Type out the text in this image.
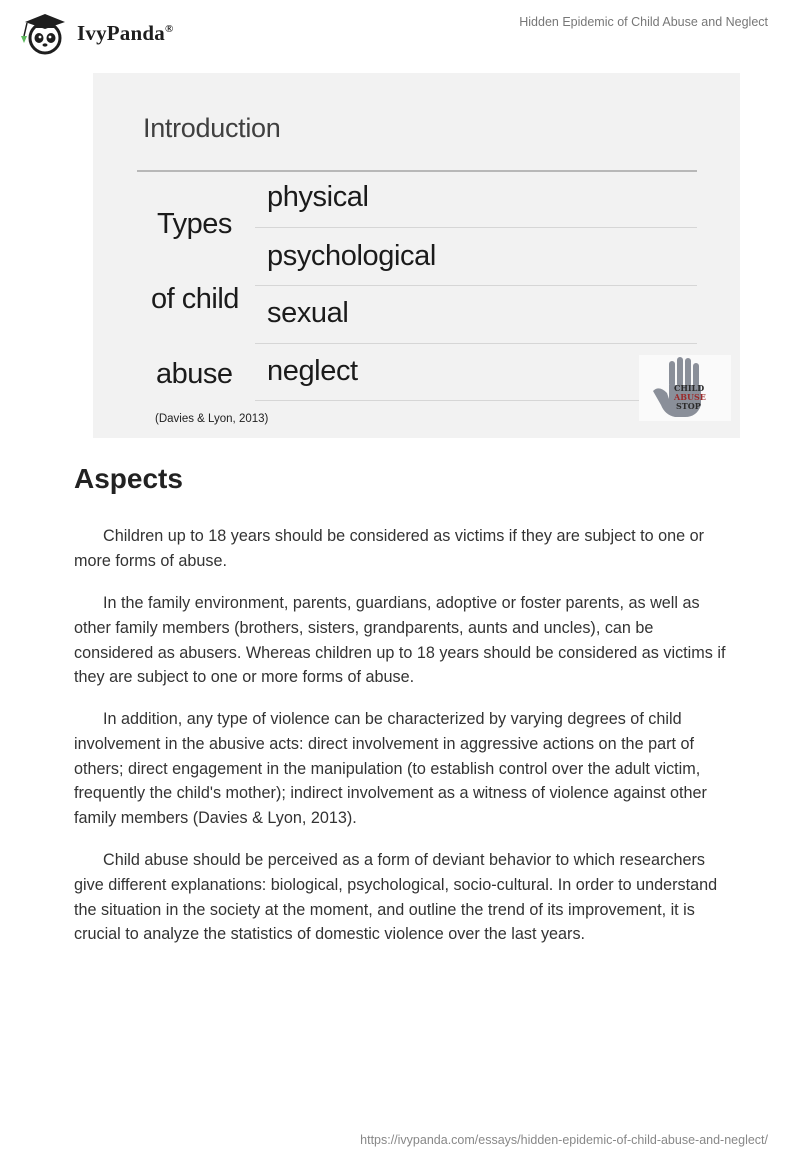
IvyPanda®	Hidden Epidemic of Child Abuse and Neglect
Introduction
Types
of child
abuse
physical
psychological
sexual
neglect
(Davies & Lyon, 2013)
CHILD
ABUSE
STOP
Aspects

Children up to 18 years should be considered as victims if they are subject to one or more forms of abuse.

In the family environment, parents, guardians, adoptive or foster parents, as well as other family members (brothers, sisters, grandparents, aunts and uncles), can be considered as abusers. Whereas children up to 18 years should be considered as victims if they are subject to one or more forms of abuse.

In addition, any type of violence can be characterized by varying degrees of child involvement in the abusive acts: direct involvement in aggressive actions on the part of others; direct engagement in the manipulation (to establish control over the adult victim, frequently the child's mother); indirect involvement as a witness of violence against other family members (Davies & Lyon, 2013).

Child abuse should be perceived as a form of deviant behavior to which researchers give different explanations: biological, psychological, socio-cultural. In order to understand the situation in the society at the moment, and outline the trend of its improvement, it is crucial to analyze the statistics of domestic violence over the last years.

https://ivypanda.com/essays/hidden-epidemic-of-child-abuse-and-neglect/
